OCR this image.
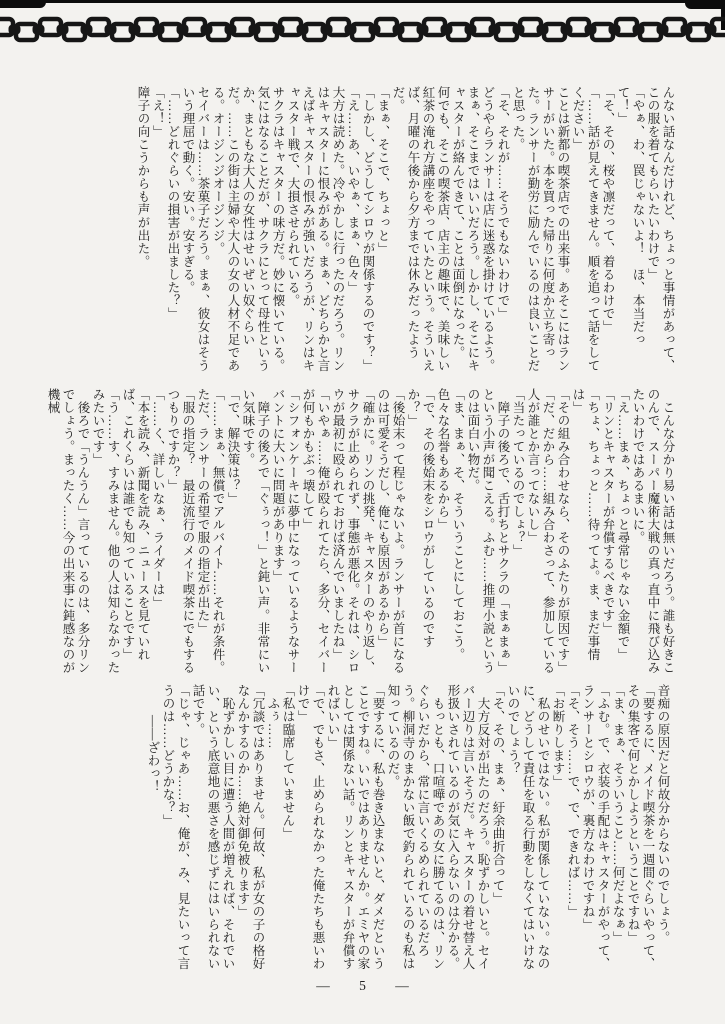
んない話なんだけれど、ちょっと事情があって、この服を着てもらいたいわけで」

「やぁ、わ、罠じゃないよ！　ほ、本当だって！」

「そ、その、桜や凛だって、着るわけで」

「……話が見えてきません。順を追って話をしてください」

ことは新都の喫茶店での出来事。あそこにはランサーがいた。本を買った帰りに何度か立ち寄った。ランサーが勤労に励んでいるのは良いことだと思った。

「そ、それが……そうでもないわけで」

どうやらランサーは店に迷惑を掛けているよう。まぁ、そこまではいいだろう。しかし、そこにキャスターが絡んできて、ことは面倒になった。

何でも、そこの喫茶店、店主の趣味で、美味しい紅茶の淹れ方講座をやっていたという。そういえば、月曜の午後から夕方までは休みだったようだ。

「まぁ、そこで、ちょっと」

「しかし、どうしてシロウが関係するのです？」

「え……あ、いやぁ、まぁ、色々」

大方は読めた。冷やかしに行ったのだろう。リンはキャスターに恨みがある。まぁ、どちらかと言えばキャスターの恨みが強いだろうが、リンはキャスター戦で、大損させられている。

サクラはキャスターの味方だ。妙に懐いている。気にはなることだが、サクラにとって母性というか、まともな大人の女性はせいぜい奴ぐらいだ。……この街は主婦や大人の女の人材不足である。オージンジオージンジ。

セイバーは……茶菓子だろう。まぁ、彼女はそういう理屈で動く。安い。安すぎる。

「……どれぐらいの損害が出ました？」

「え！」

障子の向こうからも声が出た。

こんな分かり易い話は無いだろう。誰も好きこのんで、スーパー魔術大戦の真っ直中に飛び込みたいわけではあるまいに。

「え……まぁ、ちょっと尋常じゃない金額で」

「リンとキャスターが弁償するべきです」

「ちょ、ちょっと……待ってよ。ま、まだ事情は」

「その組み合わせなら、そのふたりが原因です」

「だ、だから……組み合わさって、参加している人が誰とか言ってないし」

「当たっているのでしょ？」

障子の後ろで、舌打ちとサクラの「まぁまぁ」という小声が聞こえる。ふむ……推理小説というのは面白い物だ。

「ま、まぁ、そ、そういうことにしておこう。色々な名誉もあるから」

「で、その後始末をシロウがしているのですか？」

「後始末って程じゃないよ。ランサーが首になるのは可愛そうだし、俺にも原因があるから」

「確かに。リンの挑発、キャスターのやり返し、サクラが止められず、事態が悪化。それは、シロウが最初に殴られておけば済んでいましたね」

「いやぁ……俺が殴られてたら、多分、セイバーが何もかもぶっ壊して」

「シフォンケーキに夢中になっているようなサーバントに大いに問題があります」

障子の後ろで「ぐぅっ！」と鈍い声。非常にいい気味です。

「で、解決策は？」

「……まぁ、無償でアルバイト……それが条件。ただ、ランサーの希望で服の指定が出た」

「服の指定？　最近流行のメイド喫茶にでもするつもりですか？」

「……く、詳しいなぁ、ライダーは」

「本を読み、新聞を読み、ニュースを見ていれば、これくらいは誰でも知っていることです」

「う……す、すみません。他の人は知らなかったみたいです」

後ろで「うんうん」言っているのは、多分リンでしょう。まったく……今の出来事に鈍感なのが機械

音痴の原因だと何故分からないのでしょう。

「要するに、メイド喫茶を一週間ぐらいやって、その集客で何とかしようということですね」

「ま、まぁ、そういうこと……何だよなぁ」

「ふむ。で、衣装の手配はキャスターがやって、ランサーとシロウが、裏方なわけですね」

「そ、そう……で、で、できれば……」

「お断りします」

私のせいではない。私が関係していない。なのに、どうして責任を取る行動をしなくてはいけないのでしょう？

「そ、その、まぁ、紆余曲折合って」

大方反対が出たのだろう。恥ずかしいと。セイバー辺りは言いそうだ。キャスターの着せ替え人形扱いされているのが気に入らないのは分かる。

もっとも、口喧嘩であの女に勝てるのは、リンぐらいだから、常に言いくるめられているだろう。柳洞寺のまかない飯で釣られているのも私は知っているのだ。

「要するに、私も巻き込まないと、ダメだということですね。いいではありませんか。エミヤの家としては関係ない話。リンとキャスターが弁償すればいい」

「で、でもさ、止められなかった俺たちも悪いわけで」

「私は臨席していません」

ふぅ……

「冗談ではありません。何故、私が女の子の格好なんかするのか……絶対御免被ります」

恥ずかしい目に遭う人間が増えれば、それでいい、という底意地の悪さを感じずにはいられない話です。

「じゃ、じゃあ……お、俺が、み、見たいって言うのは……どうかな？」

——ざわっ！

— 5 —
